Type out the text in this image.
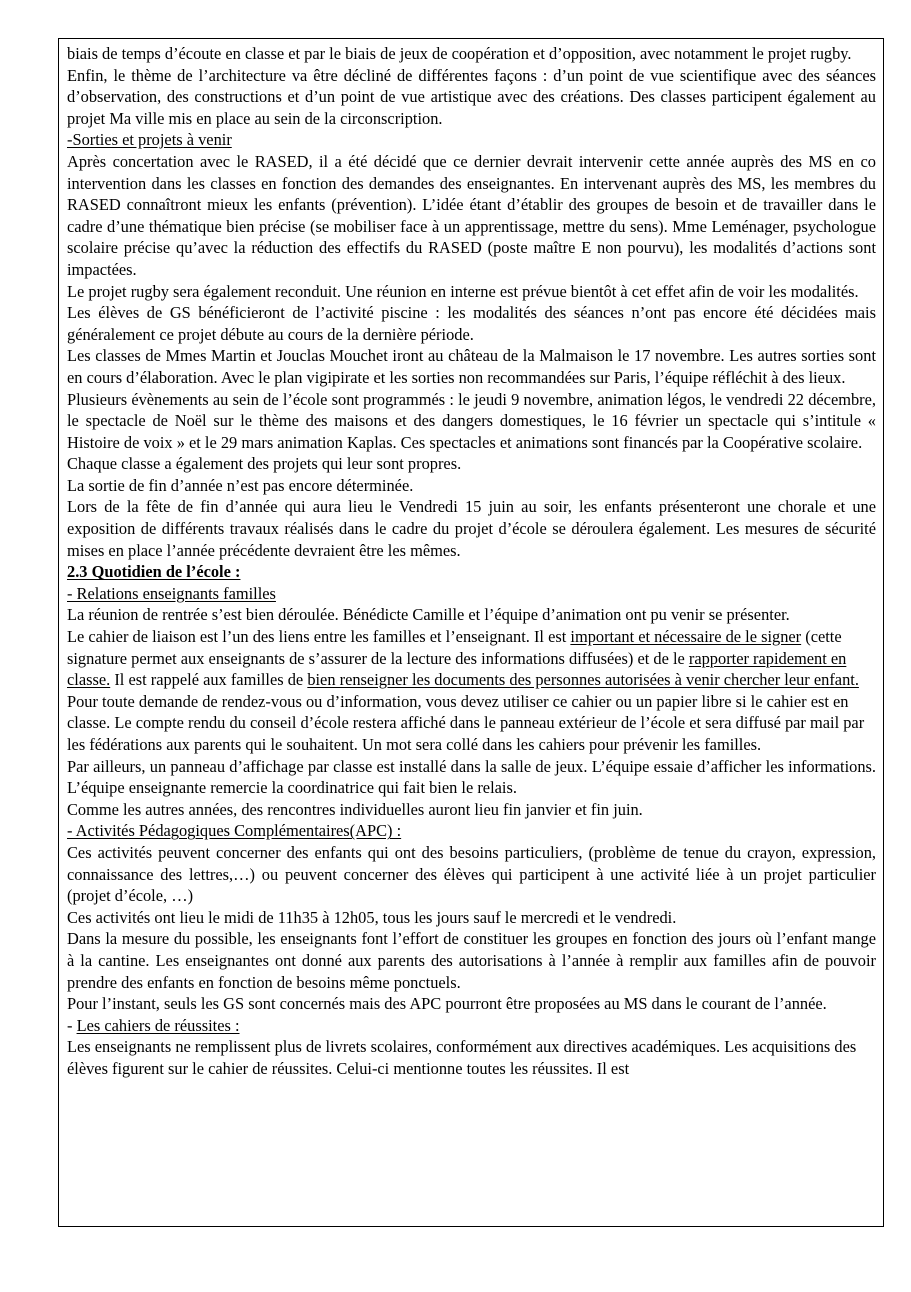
biais de temps d’écoute en classe et par le biais de jeux de coopération et d’opposition, avec notamment le projet rugby.

Enfin, le thème de l’architecture va être décliné de différentes façons : d’un point de vue scientifique avec des séances d’observation, des constructions et d’un point de vue artistique avec des créations. Des classes participent également au projet Ma ville mis en place au sein de la circonscription.

-Sorties et projets à venir

Après concertation avec le RASED, il a été décidé que ce dernier devrait intervenir cette année auprès des MS en co intervention dans les classes en fonction des demandes des enseignantes. En intervenant auprès des MS, les membres du RASED connaîtront mieux les enfants (prévention). L’idée étant d’établir des groupes de besoin et de travailler dans le cadre d’une thématique bien précise (se mobiliser face à un apprentissage, mettre du sens). Mme Leménager, psychologue scolaire précise qu’avec la réduction des effectifs du RASED (poste maître E non pourvu), les modalités d’actions sont impactées.

Le projet rugby sera également reconduit. Une réunion en interne est prévue bientôt à cet effet afin de voir les modalités.

Les élèves de GS bénéficieront de l’activité piscine : les modalités des séances n’ont pas encore été décidées mais généralement ce projet débute au cours de la dernière période.

Les classes de Mmes Martin et Jouclas Mouchet iront au château de la Malmaison le 17 novembre. Les autres sorties sont en cours d’élaboration. Avec le plan vigipirate et les sorties non recommandées sur Paris, l’équipe réfléchit à des lieux.

Plusieurs évènements au sein de l’école sont programmés : le jeudi 9 novembre, animation légos, le vendredi 22 décembre, le spectacle de Noël sur le thème des maisons et des dangers domestiques, le 16 février un spectacle qui s’intitule « Histoire de voix » et le 29 mars animation Kaplas. Ces spectacles et animations sont financés par la Coopérative scolaire.

Chaque classe a également des projets qui leur sont propres.

La sortie de fin d’année n’est pas encore déterminée.

Lors de la fête de fin d’année qui aura lieu le Vendredi 15 juin au soir, les enfants présenteront une chorale et une exposition de différents travaux réalisés dans le cadre du projet d’école se déroulera également. Les mesures de sécurité mises en place l’année précédente devraient être les mêmes.

2.3 Quotidien de l’école :

- Relations enseignants familles

La réunion de rentrée s’est bien déroulée. Bénédicte Camille et l’équipe d’animation ont pu venir se présenter.

Le cahier de liaison est l’un des liens entre les familles et l’enseignant. Il est important et nécessaire de le signer (cette signature permet aux enseignants de s’assurer de la lecture des informations diffusées) et de le rapporter rapidement en classe. Il est rappelé aux familles de bien renseigner les documents des personnes autorisées à venir chercher leur enfant. Pour toute demande de rendez-vous ou d’information, vous devez utiliser ce cahier ou un papier libre si le cahier est en classe. Le compte rendu du conseil d’école restera affiché dans le panneau extérieur de l’école et sera diffusé par mail par les fédérations aux parents qui le souhaitent. Un mot sera collé dans les cahiers pour prévenir les familles.

Par ailleurs, un panneau d’affichage par classe est installé dans la salle de jeux. L’équipe essaie d’afficher les informations. L’équipe enseignante remercie la coordinatrice qui fait bien le relais.

Comme les autres années, des rencontres individuelles auront lieu fin janvier et fin juin.

- Activités Pédagogiques Complémentaires(APC) :

Ces activités peuvent concerner des enfants qui ont des besoins particuliers, (problème de tenue du crayon, expression, connaissance des lettres,…) ou peuvent concerner des élèves qui participent à une activité liée à un projet particulier (projet d’école, …)

Ces activités ont lieu le midi de 11h35 à 12h05, tous les jours sauf le mercredi et le vendredi.

Dans la mesure du possible, les enseignants font l’effort de constituer les groupes en fonction des jours où l’enfant mange à la cantine. Les enseignantes ont donné aux parents des autorisations à l’année à remplir aux familles afin de pouvoir prendre des enfants en fonction de besoins même ponctuels.

Pour l’instant, seuls les GS sont concernés mais des APC pourront être proposées au MS dans le courant de l’année.

- Les cahiers de réussites :

Les enseignants ne remplissent plus de livrets scolaires, conformément aux directives académiques. Les acquisitions des élèves figurent sur le cahier de réussites. Celui-ci mentionne toutes les réussites. Il est
